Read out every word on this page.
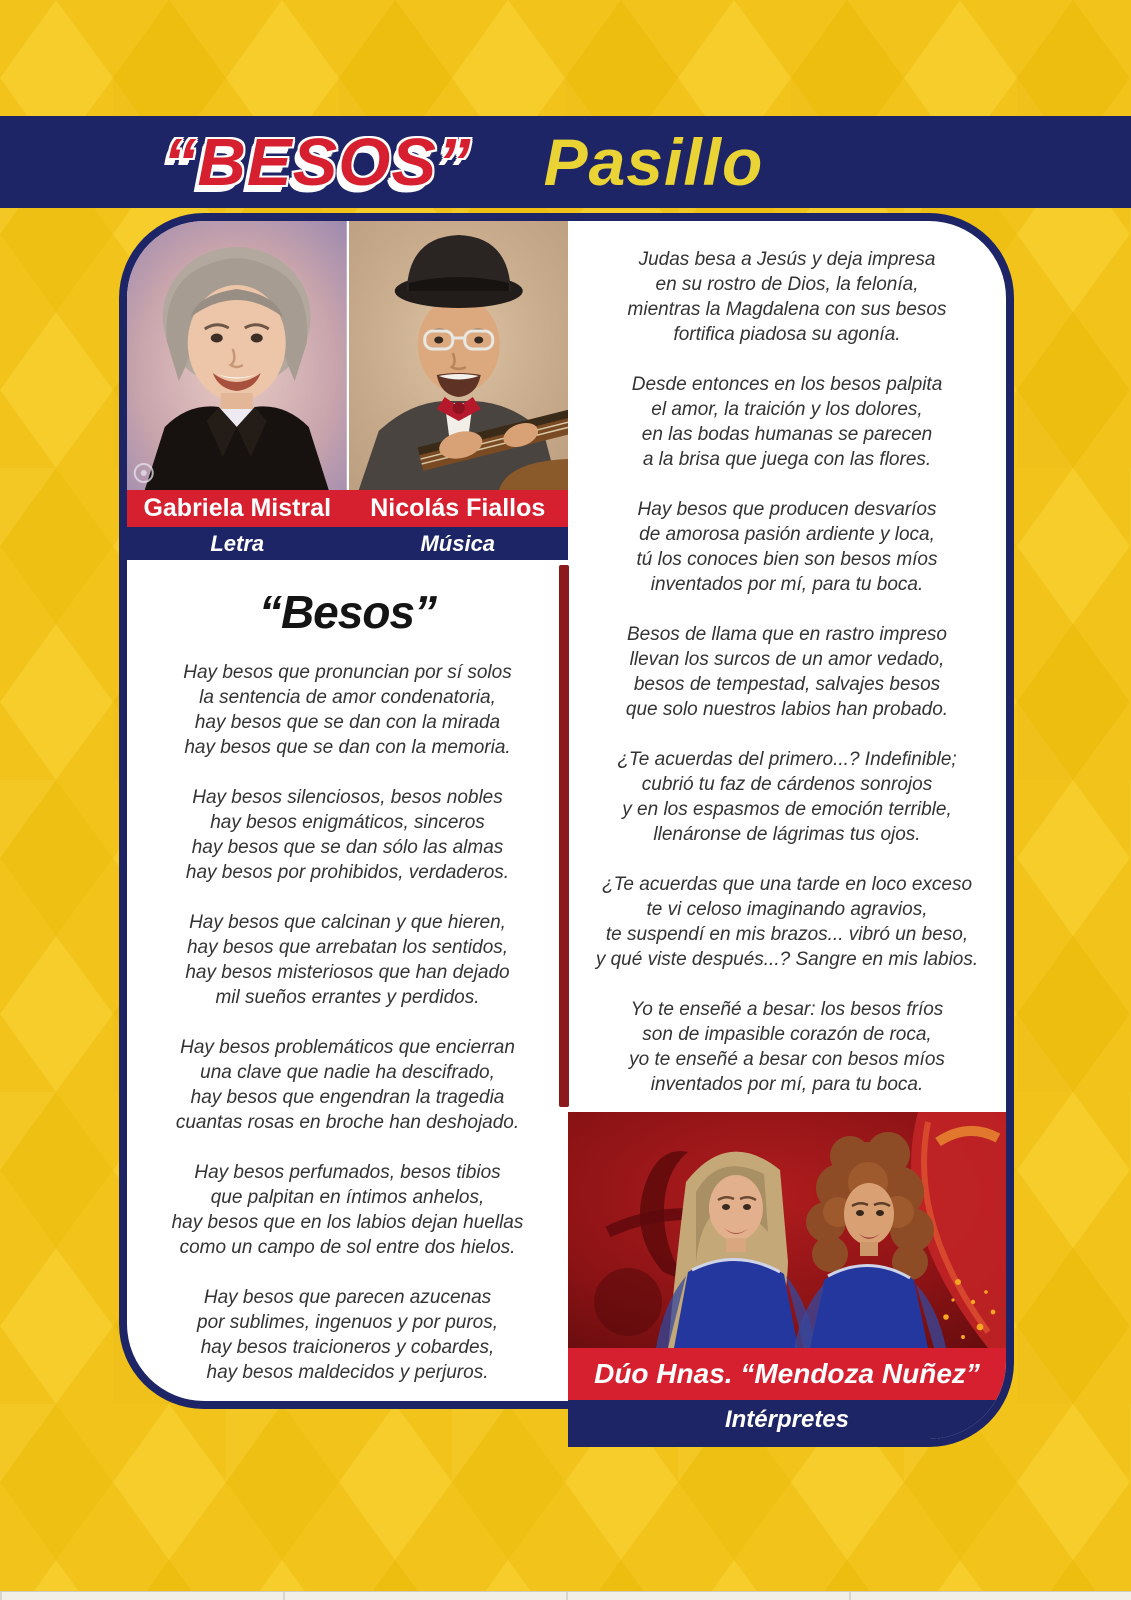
“BESOS” Pasillo
Gabriela Mistral	Nicolás Fiallos
Letra	Música
“Besos”

Hay besos que pronuncian por sí solos
la sentencia de amor condenatoria,
hay besos que se dan con la mirada
hay besos que se dan con la memoria.

Hay besos silenciosos, besos nobles
hay besos enigmáticos, sinceros
hay besos que se dan sólo las almas
hay besos por prohibidos, verdaderos.

Hay besos que calcinan y que hieren,
hay besos que arrebatan los sentidos,
hay besos misteriosos que han dejado
mil sueños errantes y perdidos.

Hay besos problemáticos que encierran
una clave que nadie ha descifrado,
hay besos que engendran la tragedia
cuantas rosas en broche han deshojado.

Hay besos perfumados, besos tibios
que palpitan en íntimos anhelos,
hay besos que en los labios dejan huellas
como un campo de sol entre dos hielos.

Hay besos que parecen azucenas
por sublimes, ingenuos y por puros,
hay besos traicioneros y cobardes,
hay besos maldecidos y perjuros.

Judas besa a Jesús y deja impresa
en su rostro de Dios, la felonía,
mientras la Magdalena con sus besos
fortifica piadosa su agonía.

Desde entonces en los besos palpita
el amor, la traición y los dolores,
en las bodas humanas se parecen
a la brisa que juega con las flores.

Hay besos que producen desvaríos
de amorosa pasión ardiente y loca,
tú los conoces bien son besos míos
inventados por mí, para tu boca.

Besos de llama que en rastro impreso
llevan los surcos de un amor vedado,
besos de tempestad, salvajes besos
que solo nuestros labios han probado.

¿Te acuerdas del primero...? Indefinible;
cubrió tu faz de cárdenos sonrojos
y en los espasmos de emoción terrible,
llenáronse de lágrimas tus ojos.

¿Te acuerdas que una tarde en loco exceso
te vi celoso imaginando agravios,
te suspendí en mis brazos... vibró un beso,
y qué viste después...? Sangre en mis labios.

Yo te enseñé a besar: los besos fríos
son de impasible corazón de roca,
yo te enseñé a besar con besos míos
inventados por mí, para tu boca.

Dúo Hnas. “Mendoza Nuñez”
Intérpretes
